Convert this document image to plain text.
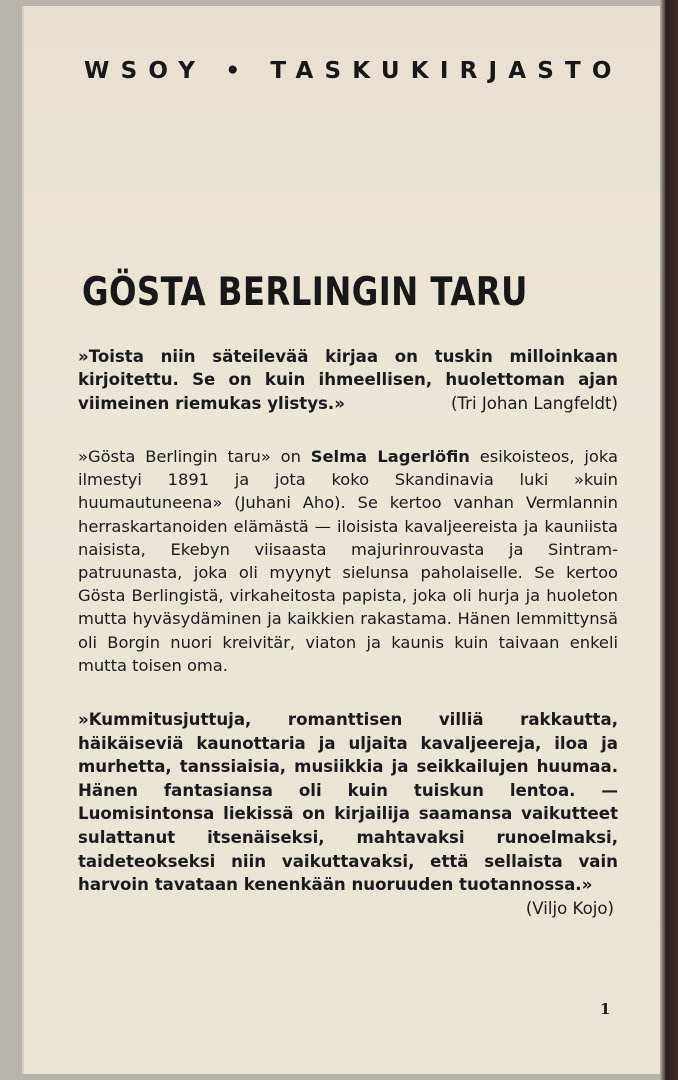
WSOY • TASKUKIRJASTO
GÖSTA BERLINGIN TARU
»Toista niin säteilevää kirjaa on tuskin milloinkaan kirjoitettu. Se on kuin ihmeellisen, huolettoman ajan viimeinen riemukas ylistys.»	(Tri Johan Langfeldt)
»Gösta Berlingin taru» on Selma Lagerlöfin esikoisteos, joka ilmestyi 1891 ja jota koko Skandinavia luki »kuin huumautuneena» (Juhani Aho). Se kertoo vanhan Vermlannin herraskartanoiden elämästä — iloisista kavaljeereista ja kauniista naisista, Ekebyn viisaasta majurinrouvasta ja Sintram-patruunasta, joka oli myynyt sielunsa paholaiselle. Se kertoo Gösta Berlingistä, virkaheitosta papista, joka oli hurja ja huoleton mutta hyväsydäminen ja kaikkien rakastama. Hänen lemmittynsä oli Borgin nuori kreivitär, viaton ja kaunis kuin taivaan enkeli mutta toisen oma.
»Kummitusjuttuja, romanttisen villiä rakkautta, häikäiseviä kaunottaria ja uljaita kavaljeereja, iloa ja murhetta, tanssiaisia, musiikkia ja seikkailujen huumaa. Hänen fantasiansa oli kuin tuiskun lentoa. — Luomisintonsa liekissä on kirjailija saamansa vaikutteet sulattanut itsenäiseksi, mahtavaksi runoelmaksi, taideteokseksi niin vaikuttavaksi, että sellaista vain harvoin tavataan kenenkään nuoruuden tuotannossa.»
(Viljo Kojo)
1
